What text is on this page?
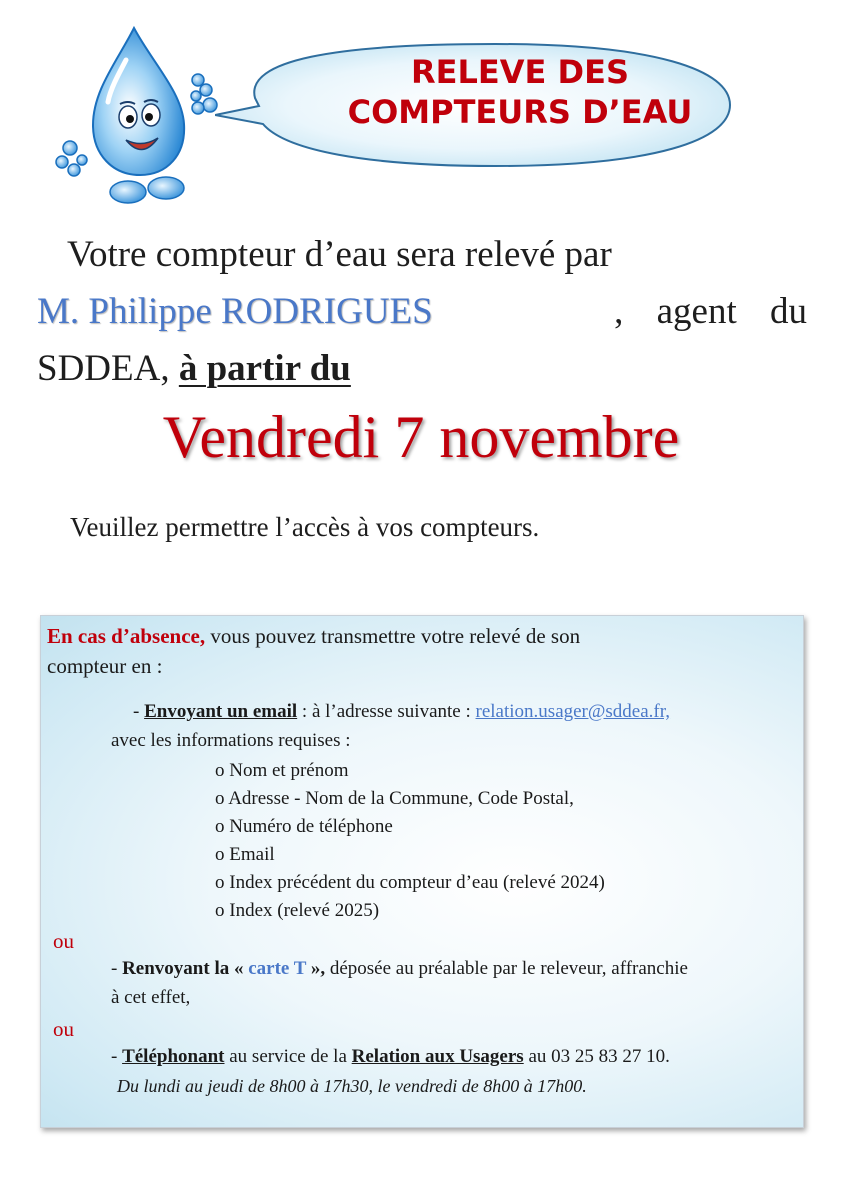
RELEVE DES
COMPTEURS D’EAU
Votre compteur d’eau sera relevé par
M. Philippe RODRIGUES	, agent du
SDDEA, à partir du
Vendredi 7 novembre
Veuillez permettre l’accès à vos compteurs.
En cas d’absence, vous pouvez transmettre votre relevé de son
compteur en :
- Envoyant un email : à l’adresse suivante : relation.usager@sddea.fr,
avec les informations requises :
o Nom et prénom
o Adresse - Nom de la Commune, Code Postal,
o Numéro de téléphone
o Email
o Index précédent du compteur d’eau (relevé 2024)
o Index (relevé 2025)
ou
- Renvoyant la « carte T », déposée au préalable par le releveur, affranchie
à cet effet,
ou
- Téléphonant au service de la Relation aux Usagers au 03 25 83 27 10.
Du lundi au jeudi de 8h00 à 17h30, le vendredi de 8h00 à 17h00.
